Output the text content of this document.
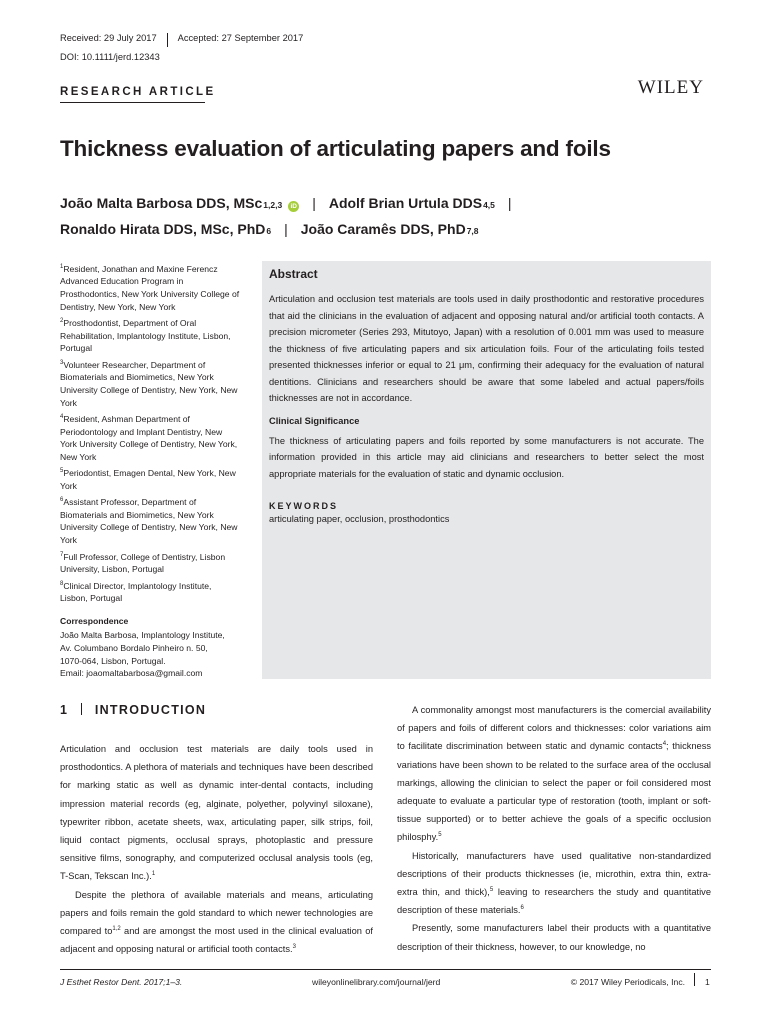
Received: 29 July 2017 Accepted: 27 September 2017
DOI: 10.1111/jerd.12343
RESEARCH ARTICLE	WILEY
Thickness evaluation of articulating papers and foils
João Malta Barbosa DDS, MSc 1,2,3	iD | Adolf Brian Urtula DDS 4,5 |
Ronaldo Hirata DDS, MSc, PhD 6 | João Caramês DDS, PhD 7,8

$^1$Resident, Jonathan and Maxine Ferencz Advanced Education Program in Prosthodontics, New York University College of Dentistry, New York, New York

$^2$Prosthodontist, Department of Oral Rehabilitation, Implantology Institute, Lisbon, Portugal

$^3$Volunteer Researcher, Department of Biomaterials and Biomimetics, New York University College of Dentistry, New York, New York

$^4$Resident, Ashman Department of Periodontology and Implant Dentistry, New York University College of Dentistry, New York, New York

$^5$Periodontist, Emagen Dental, New York, New York

$^6$Assistant Professor, Department of Biomaterials and Biomimetics, New York University College of Dentistry, New York, New York

$^7$Full Professor, College of Dentistry, Lisbon University, Lisbon, Portugal

$^8$Clinical Director, Implantology Institute, Lisbon, Portugal

Correspondence

João Malta Barbosa, Implantology Institute,
Av. Columbano Bordalo Pinheiro n. 50,
1070-064, Lisbon, Portugal.
Email: joaomaltabarbosa@gmail.com
Abstract

Articulation and occlusion test materials are tools used in daily prosthodontic and restorative procedures that aid the clinicians in the evaluation of adjacent and opposing natural and/or artificial tooth contacts. A precision micrometer (Series 293, Mitutoyo, Japan) with a resolution of 0.001 mm was used to measure the thickness of five articulating papers and six articulation foils. Four of the articulating foils tested presented thicknesses inferior or equal to 21 μm, confirming their adequacy for the evaluation of natural dentitions. Clinicians and researchers should be aware that some labeled and actual papers/foils thicknesses are not in accordance.

Clinical Significance

The thickness of articulating papers and foils reported by some manufacturers is not accurate. The information provided in this article may aid clinicians and researchers to better select the most appropriate materials for the evaluation of static and dynamic occlusion.

KEYWORDS
articulating paper, occlusion, prosthodontics
1 INTRODUCTION

Articulation and occlusion test materials are daily tools used in prosthodontics. A plethora of materials and techniques have been described for marking static as well as dynamic inter-dental contacts, including impression material records (eg, alginate, polyether, polyvinyl siloxane), typewriter ribbon, acetate sheets, wax, articulating paper, silk strips, foil, liquid contact pigments, occlusal sprays, photoplastic and pressure sensitive films, sonography, and computerized occlusal analysis tools (eg, T-Scan, Tekscan Inc.).$^1$

Despite the plethora of available materials and means, articulating papers and foils remain the gold standard to which newer technologies are compared to$^{1,2}$ and are amongst the most used in the clinical evaluation of adjacent and opposing natural or artificial tooth contacts.$^3$

A commonality amongst most manufacturers is the comercial availability of papers and foils of different colors and thicknesses: color variations aim to facilitate discrimination between static and dynamic contacts$^4$; thickness variations have been shown to be related to the surface area of the occlusal markings, allowing the clinician to select the paper or foil considered most adequate to evaluate a particular type of restoration (tooth, implant or soft-tissue supported) or to better achieve the goals of a specific occlusion philosphy.$^5$

Historically, manufacturers have used qualitative non-standardized descriptions of their products thicknesses (ie, microthin, extra thin, extra-extra thin, and thick),$^5$ leaving to researchers the study and quantitative description of these materials.$^6$

Presently, some manufacturers label their products with a quantitative description of their thickness, however, to our knowledge, no

J Esthet Restor Dent. 2017;1–3.	wileyonlinelibrary.com/journal/jerd	© 2017 Wiley Periodicals, Inc. 1
